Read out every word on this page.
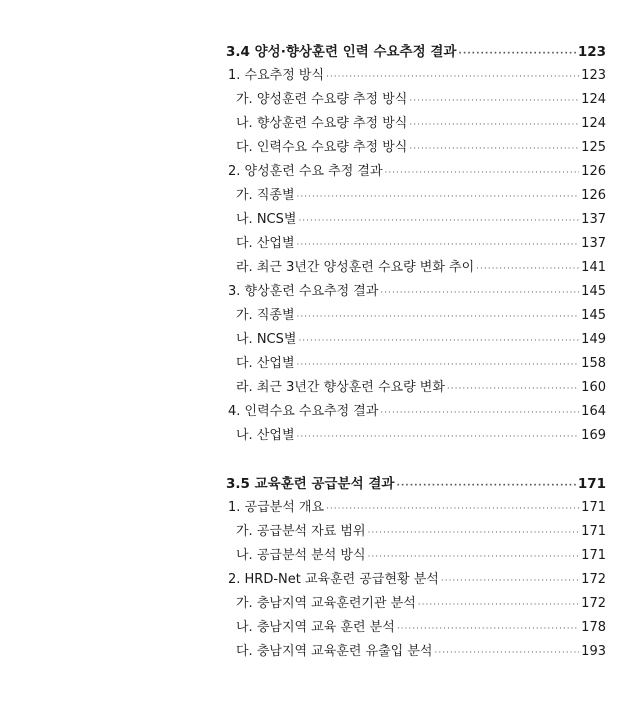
3.4 양성·향상훈련 인력 수요추정 결과 ·····	123
1. 수요추정 방식 ·····	123
가. 양성훈련 수요량 추정 방식 ·····	124
나. 향상훈련 수요량 추정 방식 ·····	124
다. 인력수요 수요량 추정 방식 ·····	125
2. 양성훈련 수요 추정 결과 ·····	126
가. 직종별 ·····	126
나. NCS별 ·····	137
다. 산업별 ·····	137
라. 최근 3년간 양성훈련 수요량 변화 추이 ·····	141
3. 향상훈련 수요추정 결과 ·····	145
가. 직종별 ·····	145
나. NCS별 ·····	149
다. 산업별 ·····	158
라. 최근 3년간 향상훈련 수요량 변화 ·····	160
4. 인력수요 수요추정 결과 ·····	164
나. 산업별 ·····	169
3.5 교육훈련 공급분석 결과 ·····	171
1. 공급분석 개요 ·····	171
가. 공급분석 자료 범위 ·····	171
나. 공급분석 분석 방식 ·····	171
2. HRD-Net 교육훈련 공급현황 분석 ·····	172
가. 충남지역 교육훈련기관 분석 ·····	172
나. 충남지역 교육 훈련 분석 ·····	178
다. 충남지역 교육훈련 유출입 분석 ·····	193
